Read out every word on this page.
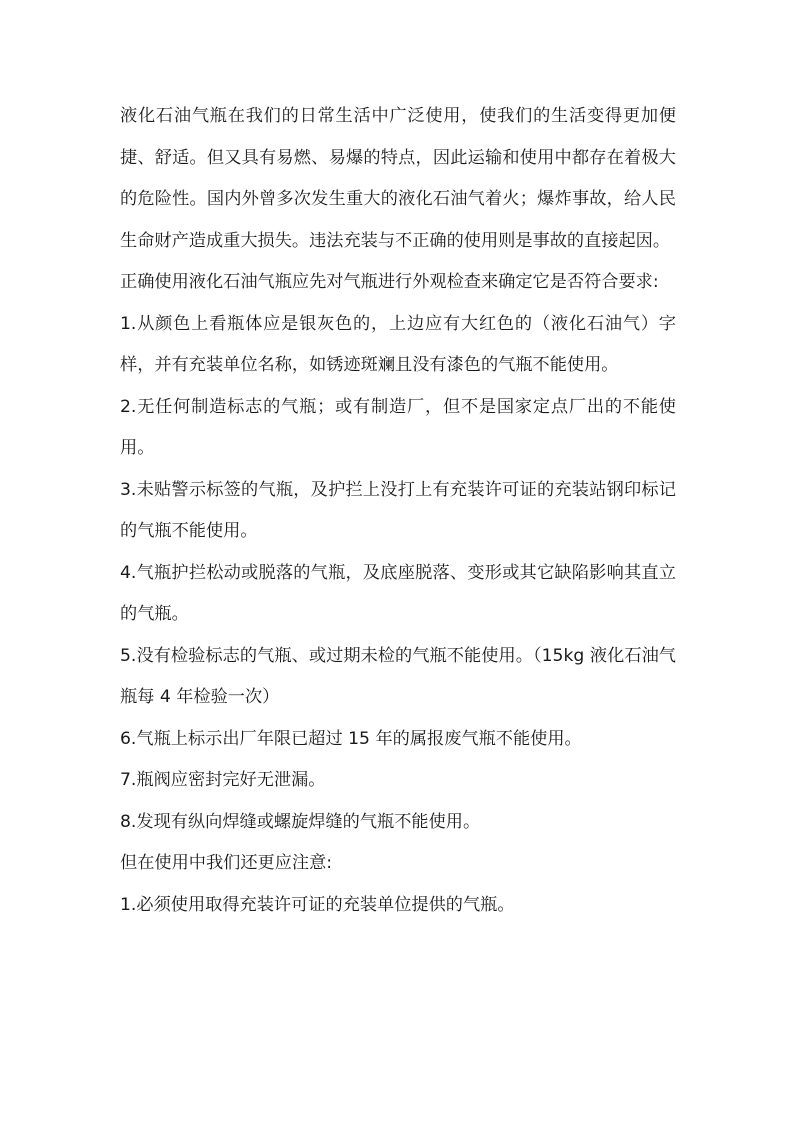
液化石油气瓶在我们的日常生活中广泛使用，使我们的生活变得更加便捷、舒适。但又具有易燃、易爆的特点，因此运输和使用中都存在着极大的危险性。国内外曾多次发生重大的液化石油气着火；爆炸事故，给人民生命财产造成重大损失。违法充装与不正确的使用则是事故的直接起因。

正确使用液化石油气瓶应先对气瓶进行外观检查来确定它是否符合要求:

1.从颜色上看瓶体应是银灰色的，上边应有大红色的（液化石油气）字样，并有充装单位名称，如锈迹斑斓且没有漆色的气瓶不能使用。

2.无任何制造标志的气瓶；或有制造厂，但不是国家定点厂出的不能使用。

3.未贴警示标签的气瓶，及护拦上没打上有充装许可证的充装站钢印标记的气瓶不能使用。

4.气瓶护拦松动或脱落的气瓶，及底座脱落、变形或其它缺陷影响其直立的气瓶。

5.没有检验标志的气瓶、或过期未检的气瓶不能使用。（15kg 液化石油气瓶每 4 年检验一次）

6.气瓶上标示出厂年限已超过 15 年的属报废气瓶不能使用。

7.瓶阀应密封完好无泄漏。

8.发现有纵向焊缝或螺旋焊缝的气瓶不能使用。

但在使用中我们还更应注意:

1.必须使用取得充装许可证的充装单位提供的气瓶。
